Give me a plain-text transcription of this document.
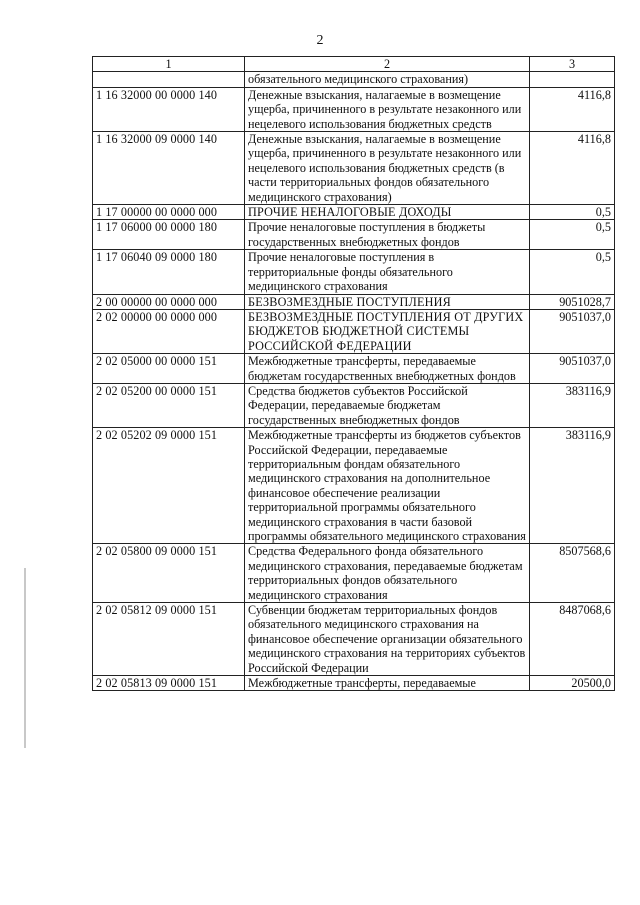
2
1	2	3
	обязательного медицинского страхования)	
1 16 32000 00 0000 140	Денежные взыскания, налагаемые в возмещение ущерба, причиненного в результате незаконного или нецелевого использования бюджетных средств	4116,8
1 16 32000 09 0000 140	Денежные взыскания, налагаемые в возмещение ущерба, причиненного в результате незаконного или нецелевого использования бюджетных средств (в части территориальных фондов обязательного медицинского страхования)	4116,8
1 17 00000 00 0000 000	ПРОЧИЕ НЕНАЛОГОВЫЕ ДОХОДЫ	0,5
1 17 06000 00 0000 180	Прочие неналоговые поступления в бюджеты государственных внебюджетных фондов	0,5
1 17 06040 09 0000 180	Прочие неналоговые поступления в территориальные фонды обязательного медицинского страхования	0,5
2 00 00000 00 0000 000	БЕЗВОЗМЕЗДНЫЕ ПОСТУПЛЕНИЯ	9051028,7
2 02 00000 00 0000 000	БЕЗВОЗМЕЗДНЫЕ ПОСТУПЛЕНИЯ ОТ ДРУГИХ БЮДЖЕТОВ БЮДЖЕТНОЙ СИСТЕМЫ РОССИЙСКОЙ ФЕДЕРАЦИИ	9051037,0
2 02 05000 00 0000 151	Межбюджетные трансферты, передаваемые бюджетам государственных внебюджетных фондов	9051037,0
2 02 05200 00 0000 151	Средства бюджетов субъектов Российской Федерации, передаваемые бюджетам государственных внебюджетных фондов	383116,9
2 02 05202 09 0000 151	Межбюджетные трансферты из бюджетов субъектов Российской Федерации, передаваемые территориальным фондам обязательного медицинского страхования на дополнительное финансовое обеспечение реализации территориальной программы обязательного медицинского страхования в части базовой программы обязательного медицинского страхования	383116,9
2 02 05800 09 0000 151	Средства Федерального фонда обязательного медицинского страхования, передаваемые бюджетам территориальных фондов обязательного медицинского страхования	8507568,6
2 02 05812 09 0000 151	Субвенции бюджетам территориальных фондов обязательного медицинского страхования на финансовое обеспечение организации обязательного медицинского страхования на территориях субъектов Российской Федерации	8487068,6
2 02 05813 09 0000 151	Межбюджетные трансферты, передаваемые	20500,0
